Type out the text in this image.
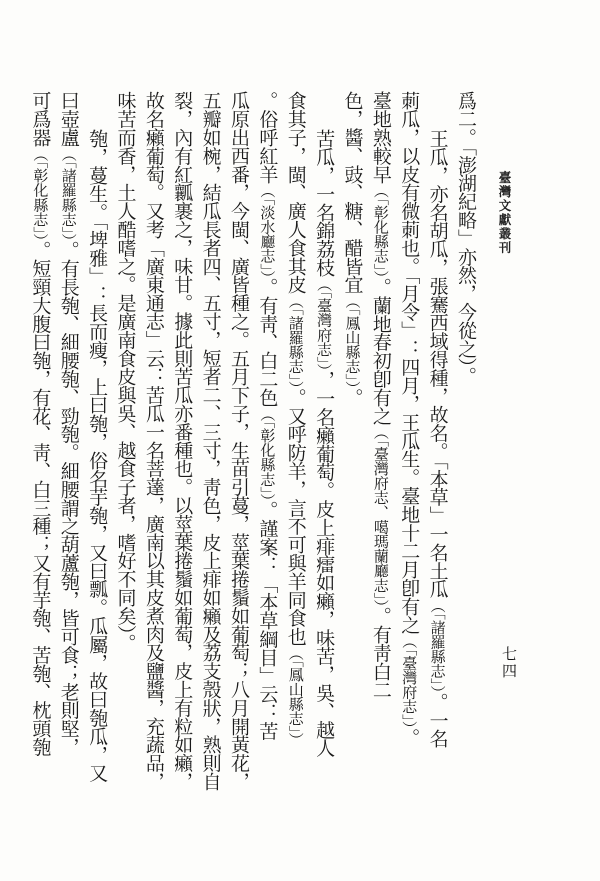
臺灣文獻叢刊
七四
爲二。「澎湖紀略」亦然，今從之）。
王瓜，亦名胡瓜，張騫西域得種，故名。「本草」一名土瓜（「諸羅縣志」）。一名
莿瓜，以皮有微莿也。「月令」：四月，王瓜生。臺地十二月卽有之（「臺灣府志」）。
臺地熟較早（「彰化縣志」）。蘭地春初卽有之（「臺灣府志、噶瑪蘭廳志」）。有靑白二
色，醬、豉、糖、醋皆宜（「鳳山縣志」）。
苦瓜，一名錦荔枝（「臺灣府志」），一名癩葡萄。皮上痱癗如癩，味苦，吳、越人
食其子，閩、廣人食其皮（「諸羅縣志」）。又呼防羊，言不可與羊同食也（「鳳山縣志」）
。俗呼紅羊（「淡水廳志」）。有靑、白二色（「彰化縣志」）。謹案：「本草綱目」云：苦
瓜原出西番，今閩、廣皆種之。五月下子，生苗引蔓，莖葉捲鬚如葡萄；八月開黃花，
五瓣如椀，結瓜長者四、五寸，短者二、三寸，靑色，皮上痱如癩及荔支殼狀，熟則自
裂，內有紅瓤裹之，味甘。據此則苦瓜亦番種也。以莖葉捲鬚如葡萄，皮上有粒如癩，
故名癩葡萄。又考「廣東通志」云：苦瓜一名菩薘，廣南以其皮煮肉及鹽醬，充蔬品，
味苦而香，土人酷嗜之。是廣南食皮與吳、越食子者，嗜好不同矣）。
匏，蔓生。「埤雅」：長而瘦，上曰匏，俗名芋匏，又曰瓢。瓜屬，故曰匏瓜，又
曰壺盧（「諸羅縣志」）。有長匏、細腰匏、勁匏。細腰謂之葫蘆匏，皆可食；老則堅，
可爲器（「彰化縣志」）。短頸大腹曰匏，有花、靑、白三種；又有芋匏、苦匏、枕頭匏
